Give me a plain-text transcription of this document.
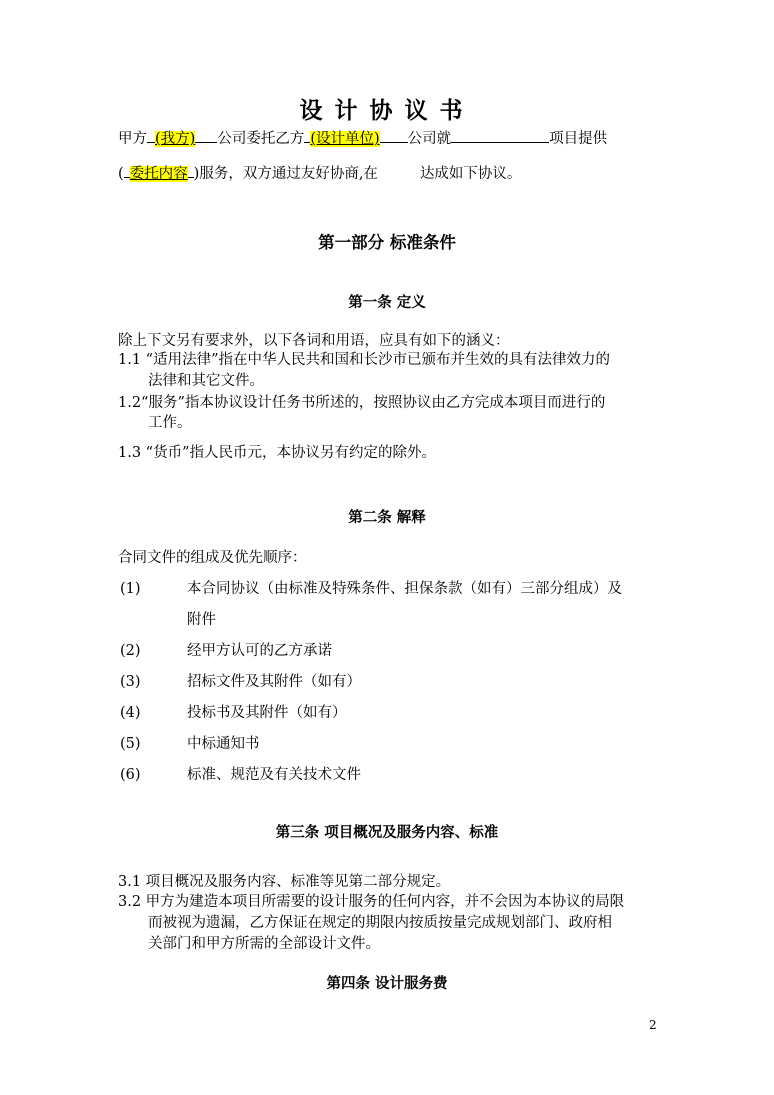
设计协议书
甲方 (我方) 公司委托乙方 (设计单位) 公司就	项目提供
( 委托内容 )服务，双方通过友好协商,在	达成如下协议。
第一部分 标准条件
第一条 定义
除上下文另有要求外，以下各词和用语，应具有如下的涵义：
1.1 “适用法律”指在中华人民共和国和长沙市已颁布并生效的具有法律效力的
法律和其它文件。
1.2“服务”指本协议设计任务书所述的，按照协议由乙方完成本项目而进行的
工作。
1.3 “货币”指人民币元，本协议另有约定的除外。
第二条 解释
合同文件的组成及优先顺序：
(1)	本合同协议（由标准及特殊条件、担保条款（如有）三部分组成）及
附件
(2)	经甲方认可的乙方承诺
(3)	招标文件及其附件（如有）
(4)	投标书及其附件（如有）
(5)	中标通知书
(6)	标准、规范及有关技术文件
第三条 项目概况及服务内容、标准
3.1 项目概况及服务内容、标准等见第二部分规定。
3.2 甲方为建造本项目所需要的设计服务的任何内容，并不会因为本协议的局限
而被视为遗漏，乙方保证在规定的期限内按质按量完成规划部门、政府相
关部门和甲方所需的全部设计文件。
第四条 设计服务费
2
